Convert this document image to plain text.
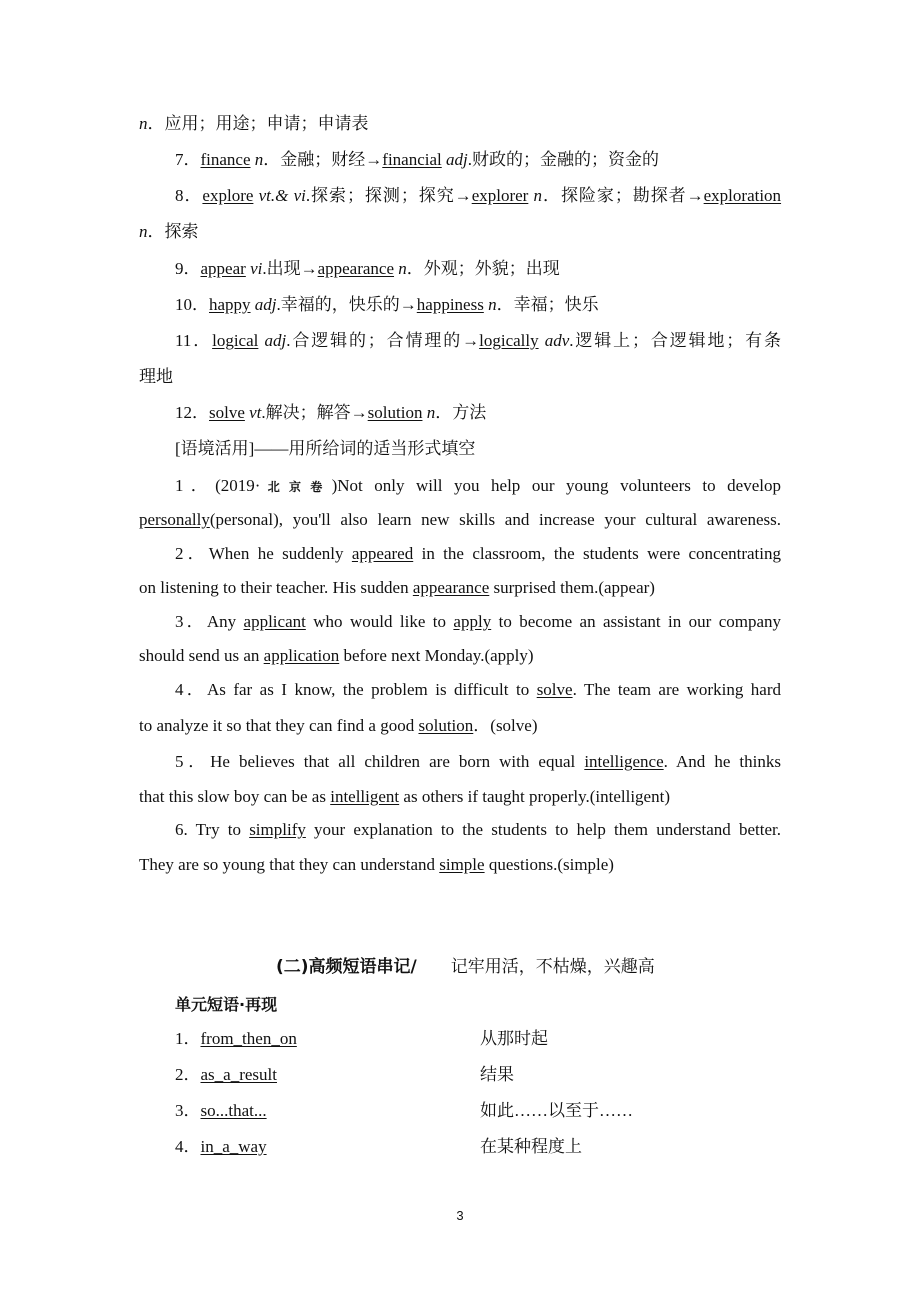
n．应用；用途；申请；申请表
7．finance n．金融；财经→financial adj.财政的；金融的；资金的
8．explore vt.& vi.探索；探测；探究→explorer n．探险家；勘探者→exploration
n．探索
9．appear vi.出现→appearance n．外观；外貌；出现
10．happy adj.幸福的，快乐的→happiness n．幸福；快乐
11．logical adj.合逻辑的；合情理的→logically adv.逻辑上；合逻辑地；有条
理地
12．solve vt.解决；解答→solution n．方法
[语境活用]——用所给词的适当形式填空
1．(2019·北京卷)Not only will you help our young volunteers to develop
personally(personal), you'll also learn new skills and increase your cultural awareness.
2．When he suddenly appeared in the classroom, the students were concentrating
on listening to their teacher. His sudden appearance surprised them.(appear)
3．Any applicant who would like to apply to become an assistant in our company
should send us an application before next Monday.(apply)
4．As far as I know, the problem is difficult to solve. The team are working hard
to analyze it so that they can find a good solution．(solve)
5．He believes that all children are born with equal intelligence. And he thinks
that this slow boy can be as intelligent as others if taught properly.(intelligent)
6. Try to simplify your explanation to the students to help them understand better.
They are so young that they can understand simple questions.(simple)
(二)高频短语串记/ 记牢用活，不枯燥，兴趣高
单元短语·再现
1．from_then_on	从那时起
2．as_a_result	结果
3．so...that...	如此……以至于……
4．in_a_way	在某种程度上
3
